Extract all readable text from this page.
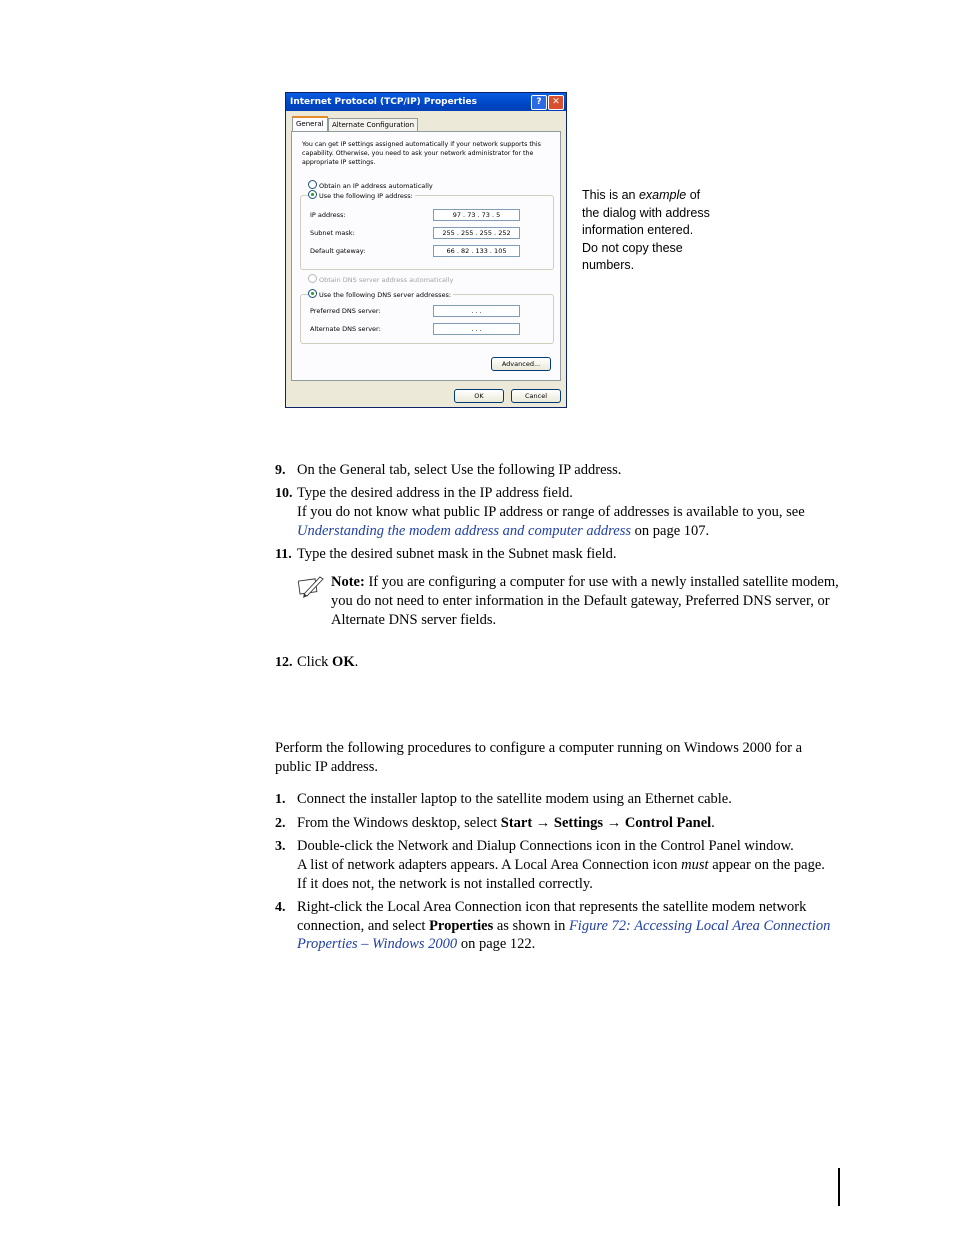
Internet Protocol (TCP/IP) Properties	?	✕
General	Alternate Configuration
You can get IP settings assigned automatically if your network supports this capability. Otherwise, you need to ask your network administrator for the appropriate IP settings.
Obtain an IP address automatically
Use the following IP address:
IP address:	97 . 73 . 73 . 5
Subnet mask:	255 . 255 . 255 . 252
Default gateway:	66 . 82 . 133 . 105
Obtain DNS server address automatically
Use the following DNS server addresses:
Preferred DNS server:	. . .
Alternate DNS server:	. . .
Advanced...
OK	Cancel
This is an example of
the dialog with address
information entered.
Do not copy these
numbers.
9. On the General tab, select Use the following IP address.
10. Type the desired address in the IP address field.
If you do not know what public IP address or range of addresses is available to you, see
Understanding the modem address and computer address on page 107.
11. Type the desired subnet mask in the Subnet mask field.
Note: If you are configuring a computer for use with a newly installed satellite modem,
you do not need to enter information in the Default gateway, Preferred DNS server, or
Alternate DNS server fields.
12. Click OK.
Perform the following procedures to configure a computer running on Windows 2000 for a
public IP address.
1. Connect the installer laptop to the satellite modem using an Ethernet cable.
2. From the Windows desktop, select Start → Settings → Control Panel.
3. Double-click the Network and Dialup Connections icon in the Control Panel window.
A list of network adapters appears. A Local Area Connection icon must appear on the page.
If it does not, the network is not installed correctly.
4. Right-click the Local Area Connection icon that represents the satellite modem network
connection, and select Properties as shown in Figure 72: Accessing Local Area Connection
Properties – Windows 2000 on page 122.
